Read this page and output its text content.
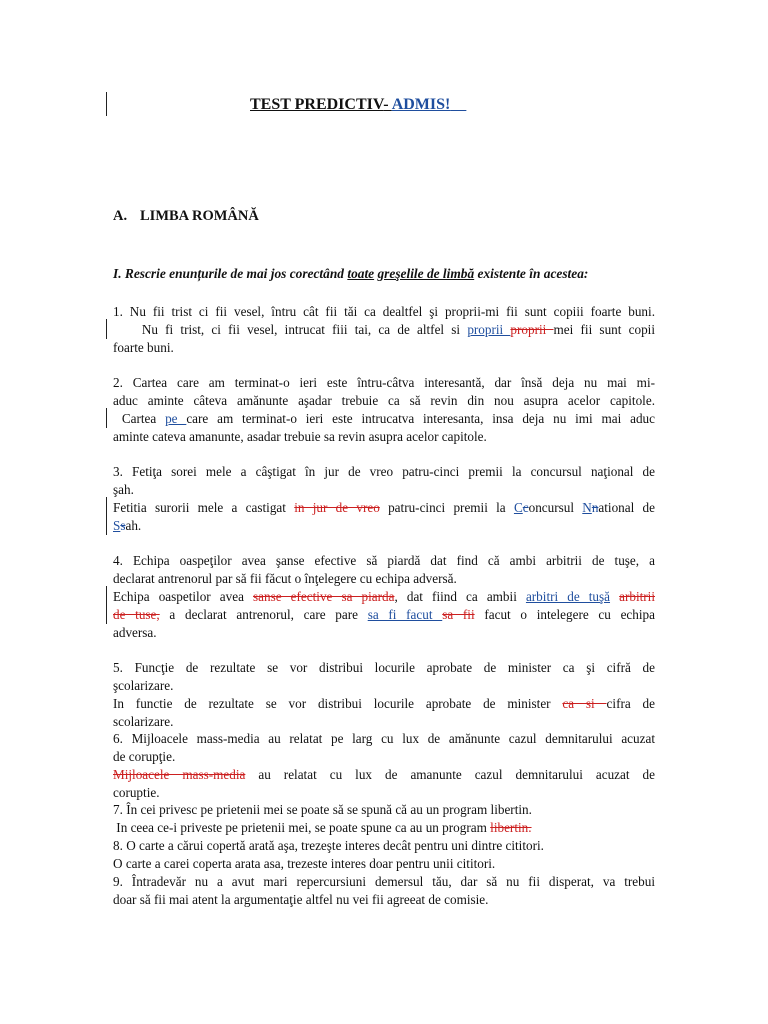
TEST PREDICTIV- ADMIS!
A. LIMBA ROMÂNĂ
I. Rescrie enunțurile de mai jos corectând toate greşelile de limbă existente în acestea:
1. Nu fii trist ci fii vesel, întru cât fii tăi ca dealtfel şi proprii-mi fii sunt copiii foarte buni.
Nu fi trist, ci fii vesel, intrucat fiii tai, ca de altfel si proprii proprii mei fii sunt copii
foarte buni.
2. Cartea care am terminat-o ieri este întru-câtva interesantă, dar însă deja nu mai mi-
aduc aminte câteva amănunte aşadar trebuie ca să revin din nou asupra acelor capitole.
Cartea pe care am terminat-o ieri este intrucatva interesanta, insa deja nu imi mai aduc
aminte cateva amanunte, asadar trebuie sa revin asupra acelor capitole.
3. Fetiţa sorei mele a câştigat în jur de vreo patru-cinci premii la concursul naţional de
şah.
Fetitia surorii mele a castigat in jur de vreo patru-cinci premii la Cconcursul Nnational de
Ssah.
4. Echipa oaspeţilor avea şanse efective să piardă dat find că ambi arbitrii de tuşe, a
declarat antrenorul par să fii făcut o înţelegere cu echipa adversă.
Echipa oaspetilor avea sanse efective sa piarda, dat fiind ca ambii arbitri de tuşă arbitrii
de tuse, a declarat antrenorul, care pare sa fi facut sa fii facut o intelegere cu echipa
adversa.
5. Funcţie de rezultate se vor distribui locurile aprobate de minister ca şi cifră de
şcolarizare.
In functie de rezultate se vor distribui locurile aprobate de minister ca si cifra de
scolarizare.
6. Mijloacele mass-media au relatat pe larg cu lux de amănunte cazul demnitarului acuzat
de corupţie.
Mijloacele mass-media au relatat cu lux de amanunte cazul demnitarului acuzat de
coruptie.
7. În cei privesc pe prietenii mei se poate să se spună că au un program libertin.
In ceea ce-i priveste pe prietenii mei, se poate spune ca au un program libertin.
8. O carte a cărui copertă arată aşa, trezeşte interes decât pentru uni dintre cititori.
O carte a carei coperta arata asa, trezeste interes doar pentru unii cititori.
9. Întradevăr nu a avut mari repercursiuni demersul tău, dar să nu fii disperat, va trebui
doar să fii mai atent la argumentaţie altfel nu vei fii agreeat de comisie.
